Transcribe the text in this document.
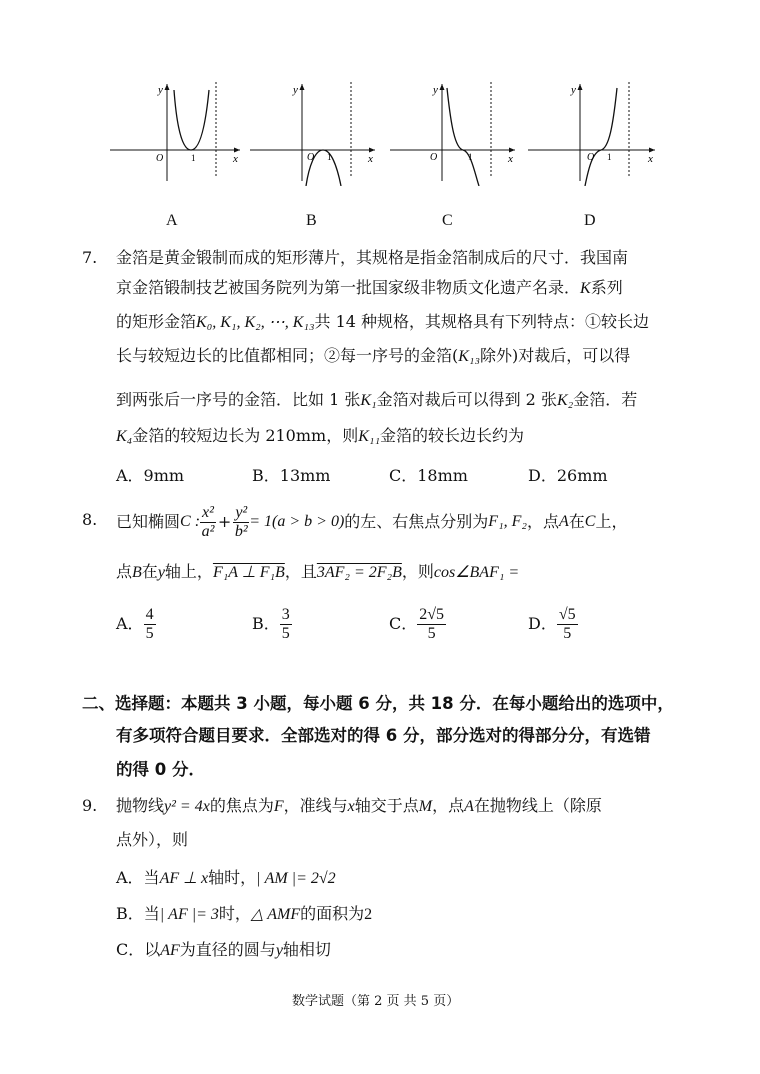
y
x
O	1
y
x
O 1
y
x
O	1
y
x
O 1
A	B	C	D
7. 金箔是黄金锻制而成的矩形薄片，其规格是指金箔制成后的尺寸．我国南
京金箔锻制技艺被国务院列为第一批国家级非物质文化遗产名录．K系列
的矩形金箔K₀, K₁, K₂, ⋯, K₁₃共 14 种规格，其规格具有下列特点：①较长边
长与较短边长的比值都相同；②每一序号的金箔(K₁₃除外)对裁后，可以得
到两张后一序号的金箔．比如 1 张K₁金箔对裁后可以得到 2 张K₂金箔．若
K₄金箔的较短边长为 210mm，则K₁₁金箔的较长边长约为
A．9mm	B．13mm	C．18mm	D．26mm
8. 已知椭圆 C : $\frac{\text{x²}}{\text{a²}} + \frac{\text{y²}}{\text{b²}} = 1(a > b > 0)$ 的左、右焦点分别为 F₁, F₂ ，点 A 在 C 上，
点B在y轴上，F₁A ⊥ F₁B，且3AF₂ = 2F₂B，则cos∠BAF₁ =
A． $\frac{4}{5}$	B． $\frac{3}{5}$	C． $\frac{2√5}{5}$	D． $\frac{√5}{5}$
二、选择题：本题共 3 小题，每小题 6 分，共 18 分．在每小题给出的选项中，
有多项符合题目要求．全部选对的得 6 分，部分选对的得部分分，有选错
的得 0 分．
9. 抛物线y² = 4x的焦点为F，准线与x轴交于点M，点A在抛物线上（除原
点外），则
A．当AF ⊥ x轴时，| AM |= 2√2
B．当| AF |= 3时，△ AMF的面积为2
C．以AF为直径的圆与y轴相切
数学试题（第 2 页 共 5 页）
